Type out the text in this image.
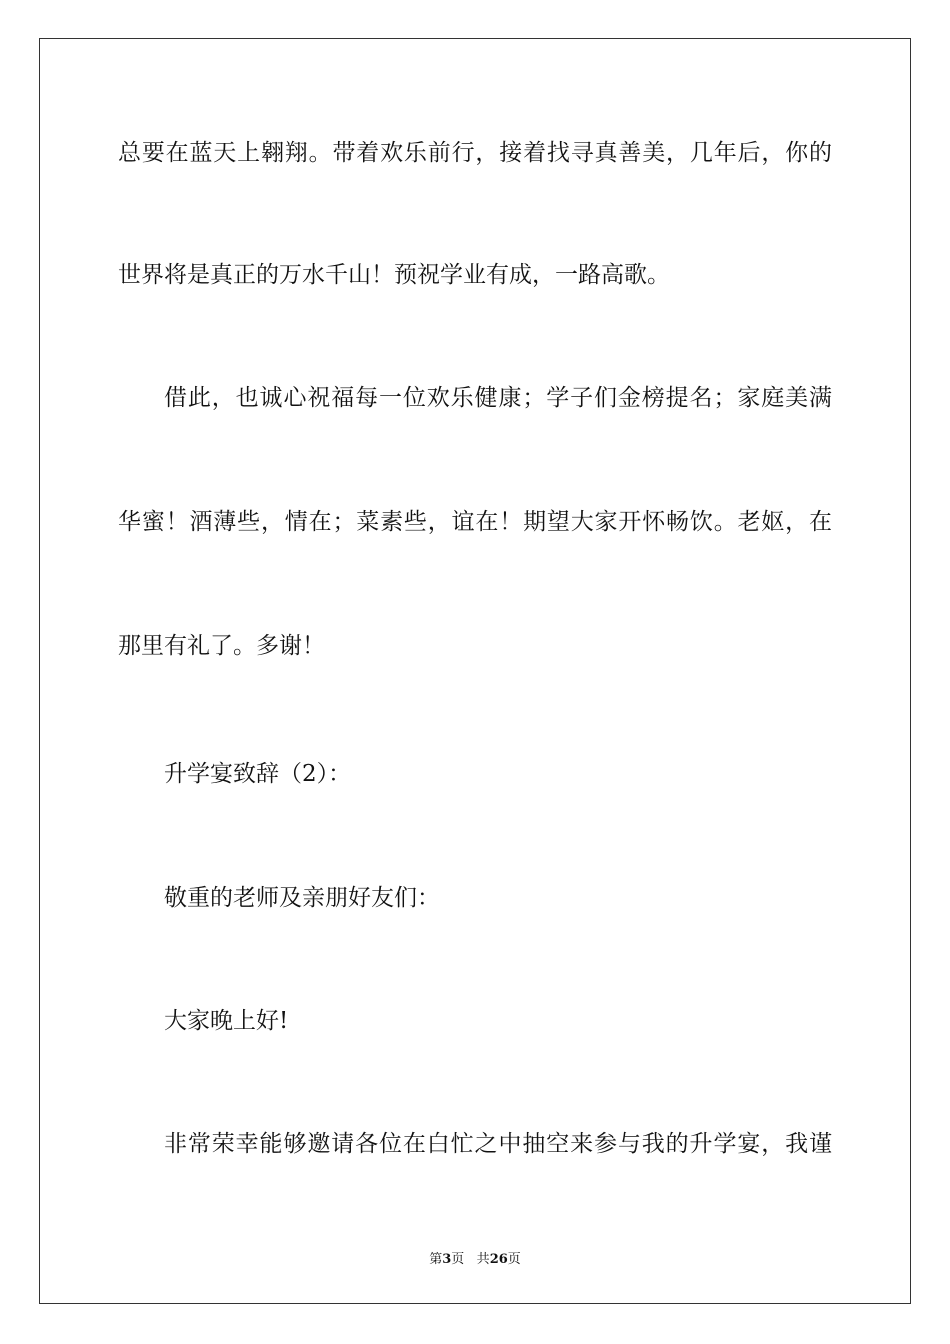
总要在蓝天上翱翔。带着欢乐前行，接着找寻真善美，几年后，你的

世界将是真正的万水千山！预祝学业有成，一路高歌。

借此，也诚心祝福每一位欢乐健康；学子们金榜提名；家庭美满

华蜜！酒薄些，情在；菜素些，谊在！期望大家开怀畅饮。老妪，在

那里有礼了。多谢！

升学宴致辞（2）：

敬重的老师及亲朋好友们：

大家晚上好!

非常荣幸能够邀请各位在白忙之中抽空来参与我的升学宴，我谨

第3页 共26页
